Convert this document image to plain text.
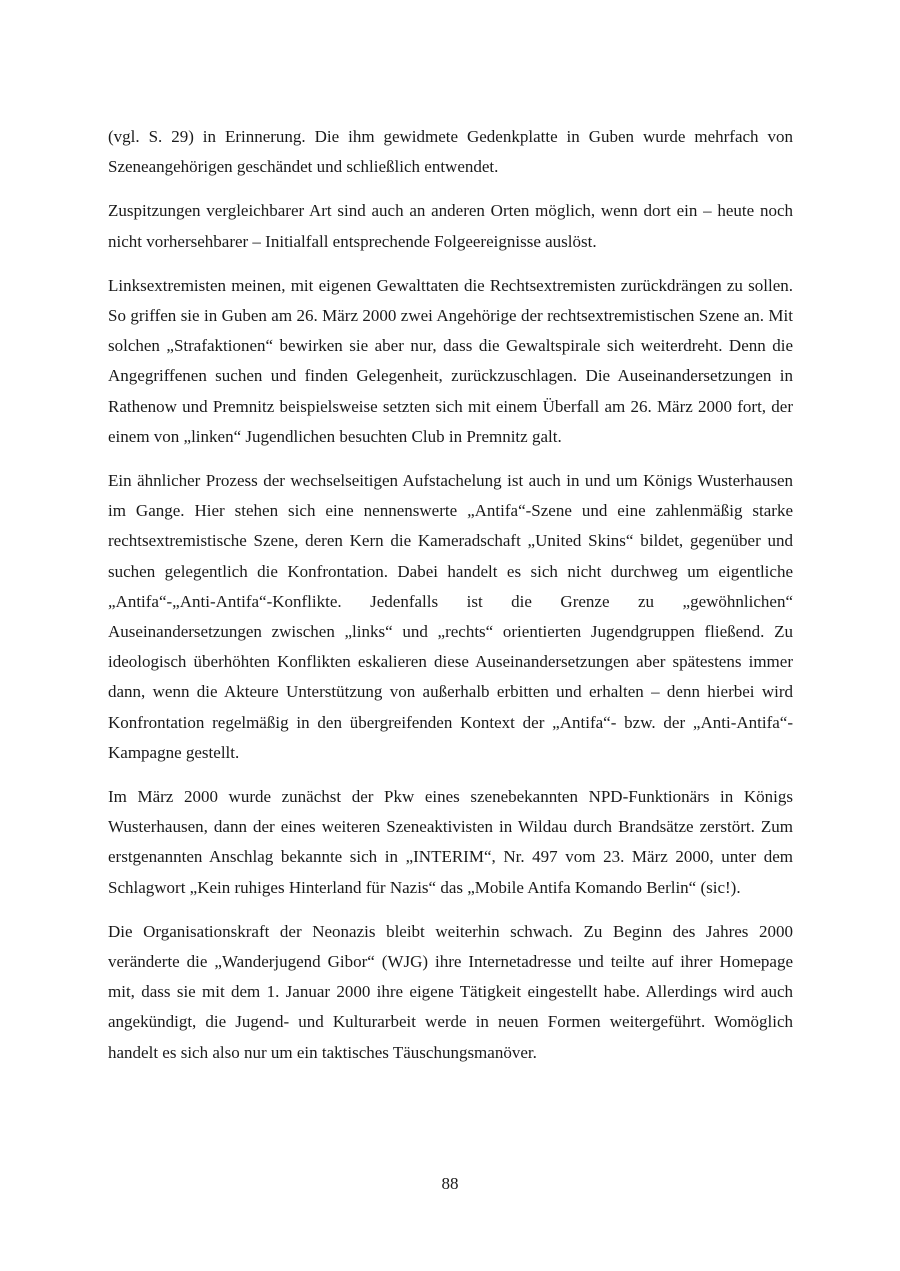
(vgl. S. 29) in Erinnerung. Die ihm gewidmete Gedenkplatte in Guben wurde mehrfach von Szeneangehörigen geschändet und schließlich entwendet.

Zuspitzungen vergleichbarer Art sind auch an anderen Orten möglich, wenn dort ein – heute noch nicht vorhersehbarer – Initialfall entsprechende Folgeereignisse auslöst.

Linksextremisten meinen, mit eigenen Gewalttaten die Rechtsextremisten zurückdrängen zu sollen. So griffen sie in Guben am 26. März 2000 zwei Angehörige der rechtsextremistischen Szene an. Mit solchen „Strafaktionen“ bewirken sie aber nur, dass die Gewaltspirale sich weiterdreht. Denn die Angegriffenen suchen und finden Gelegenheit, zurückzuschlagen. Die Auseinandersetzungen in Rathenow und Premnitz beispielsweise setzten sich mit einem Überfall am 26. März 2000 fort, der einem von „linken“ Jugendlichen besuchten Club in Premnitz galt.

Ein ähnlicher Prozess der wechselseitigen Aufstachelung ist auch in und um Königs Wusterhausen im Gange. Hier stehen sich eine nennenswerte „Antifa“-Szene und eine zahlenmäßig starke rechtsextremistische Szene, deren Kern die Kameradschaft „United Skins“ bildet, gegenüber und suchen gelegentlich die Konfrontation. Dabei handelt es sich nicht durchweg um eigentliche „Antifa“-„Anti-Antifa“-Konflikte. Jedenfalls ist die Grenze zu „gewöhnlichen“ Auseinandersetzungen zwischen „links“ und „rechts“ orientierten Jugendgruppen fließend. Zu ideologisch überhöhten Konflikten eskalieren diese Auseinandersetzungen aber spätestens immer dann, wenn die Akteure Unterstützung von außerhalb erbitten und erhalten – denn hierbei wird Konfrontation regelmäßig in den übergreifenden Kontext der „Antifa“- bzw. der „Anti-Antifa“-Kampagne gestellt.

Im März 2000 wurde zunächst der Pkw eines szenebekannten NPD-Funktionärs in Königs Wusterhausen, dann der eines weiteren Szeneaktivisten in Wildau durch Brandsätze zerstört. Zum erstgenannten Anschlag bekannte sich in „INTERIM“, Nr. 497 vom 23. März 2000, unter dem Schlagwort „Kein ruhiges Hinterland für Nazis“ das „Mobile Antifa Komando Berlin“ (sic!).

Die Organisationskraft der Neonazis bleibt weiterhin schwach. Zu Beginn des Jahres 2000 veränderte die „Wanderjugend Gibor“ (WJG) ihre Internetadresse und teilte auf ihrer Homepage mit, dass sie mit dem 1. Januar 2000 ihre eigene Tätigkeit eingestellt habe. Allerdings wird auch angekündigt, die Jugend- und Kulturarbeit werde in neuen Formen weitergeführt. Womöglich handelt es sich also nur um ein taktisches Täuschungsmanöver.

88
